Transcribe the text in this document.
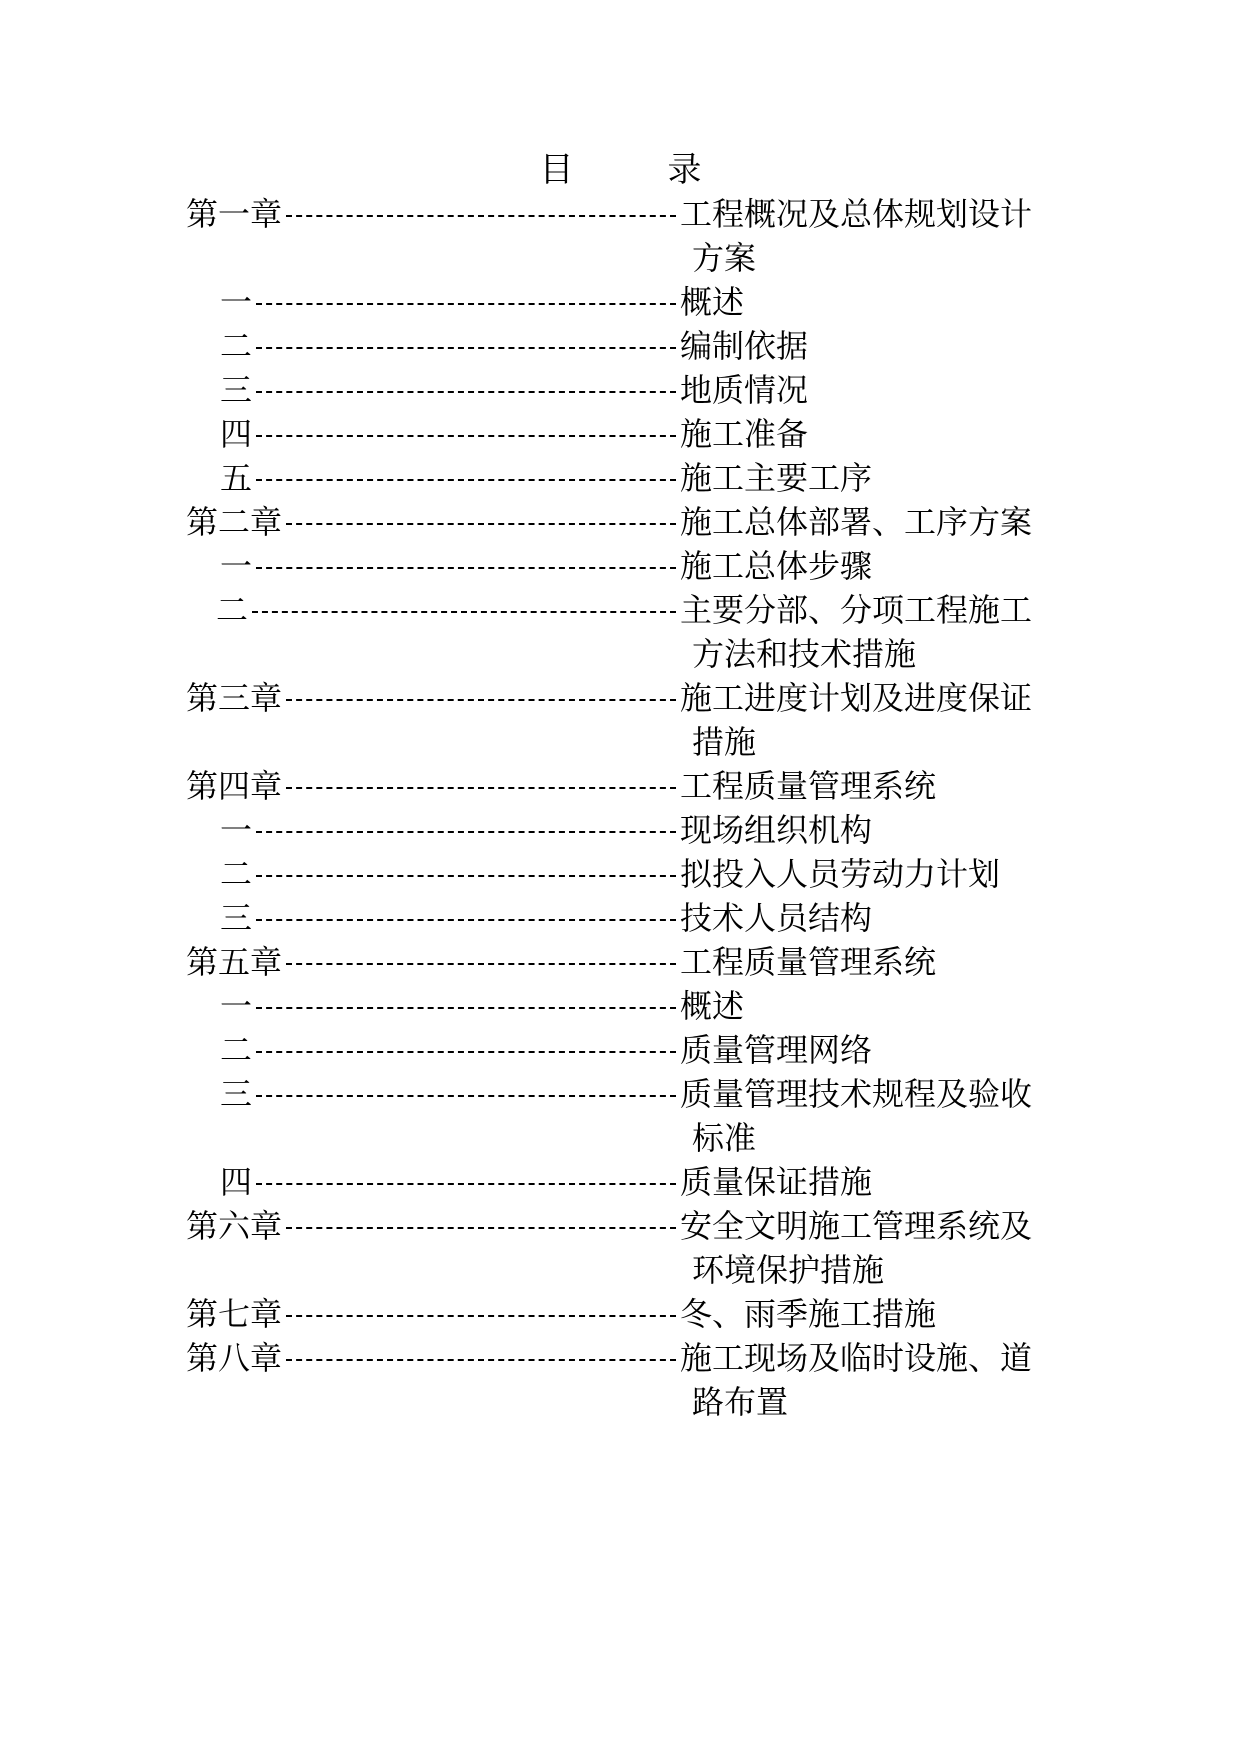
目　录
第一章	工程概况及总体规划设计
方案
一	概述
二	编制依据
三	地质情况
四	施工准备
五	施工主要工序
第二章	施工总体部署、工序方案
一	施工总体步骤
二	主要分部、分项工程施工
方法和技术措施
第三章	施工进度计划及进度保证
措施
第四章	工程质量管理系统
一	现场组织机构
二	拟投入人员劳动力计划
三	技术人员结构
第五章	工程质量管理系统
一	概述
二	质量管理网络
三	质量管理技术规程及验收
标准
四	质量保证措施
第六章	安全文明施工管理系统及
环境保护措施
第七章	冬、雨季施工措施
第八章	施工现场及临时设施、道
路布置
